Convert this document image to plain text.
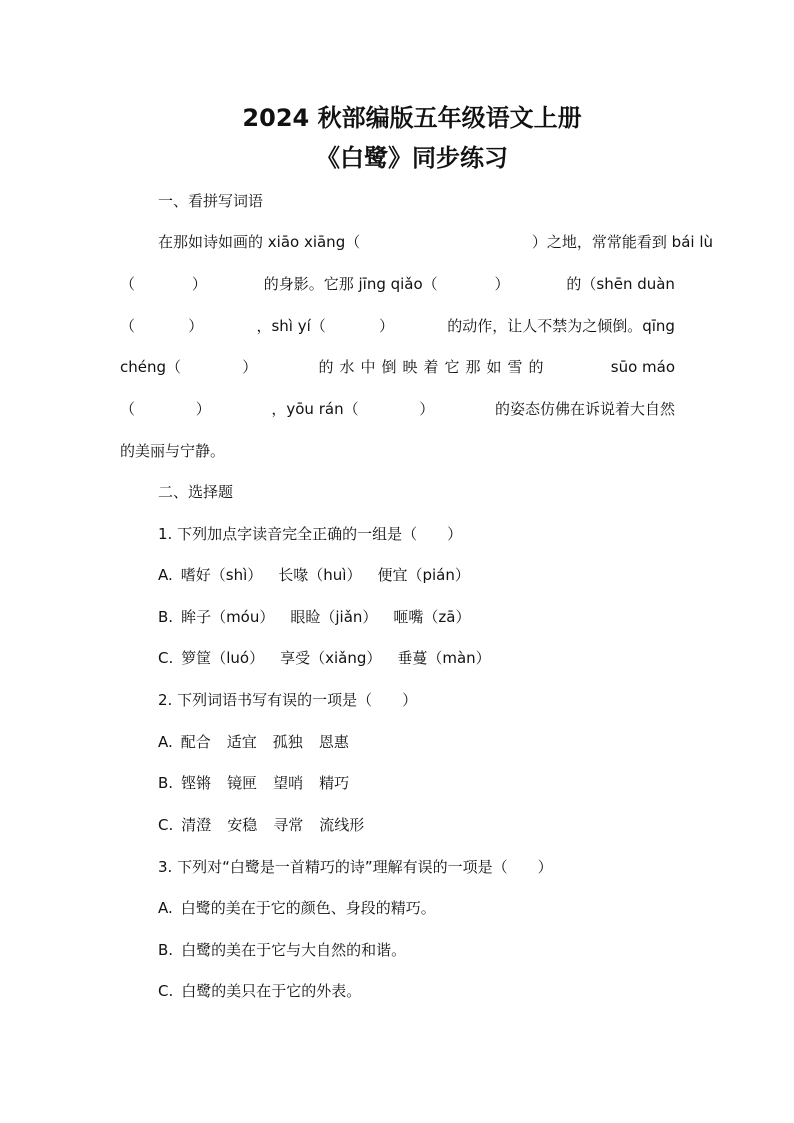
2024 秋部编版五年级语文上册
《白鹭》同步练习
一、看拼写词语
在那如诗如画的 xiāo xiāng（	）之地，常常能看到 bái lù
（	）	的身影。它那 jīng qiǎo（	）	的（shēn duàn
（	）	，shì yí（	）	的动作，让人不禁为之倾倒。qīng
chéng（	）	的水中倒映着它那如雪的	sūo máo
（	）	，yōu rán（	）	的姿态仿佛在诉说着大自然
的美丽与宁静。
二、选择题
1. 下列加点字读音完全正确的一组是（　　）
A. 嗜好（shì） 长喙（huì） 便宜（pián）
B. 眸子（móu） 眼睑（jiǎn） 咂嘴（zā）
C. 箩筐（luó） 享受（xiǎng） 垂蔓（màn）
2. 下列词语书写有误的一项是（　　）
A. 配合 适宜 孤独 恩惠
B. 铿锵 镜匣 望哨 精巧
C. 清澄 安稳 寻常 流线形
3. 下列对“白鹭是一首精巧的诗”理解有误的一项是（　　）
A. 白鹭的美在于它的颜色、身段的精巧。
B. 白鹭的美在于它与大自然的和谐。
C. 白鹭的美只在于它的外表。
